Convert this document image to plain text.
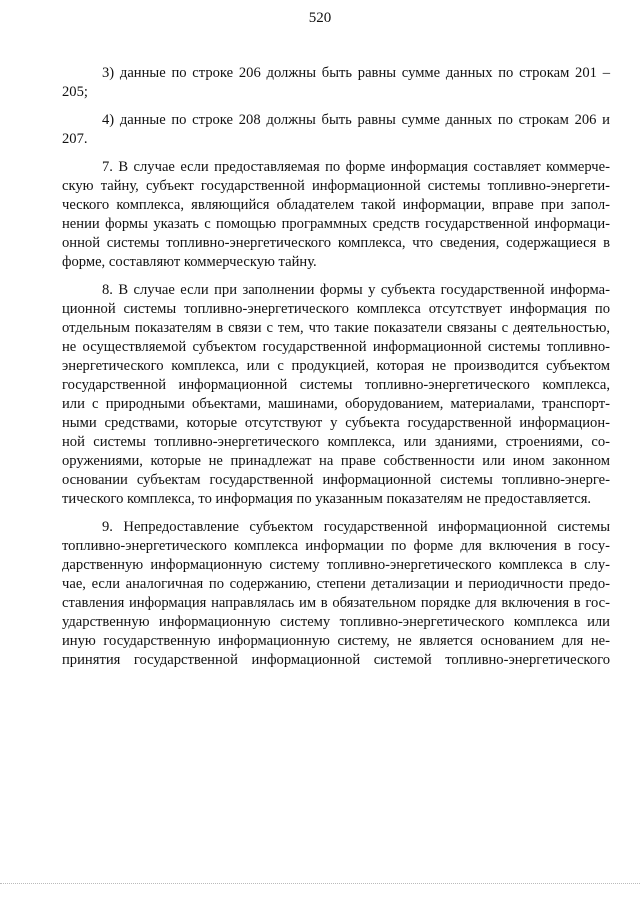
520
3) данные по строке 206 должны быть равны сумме данных по строкам 201 –
205;
4) данные по строке 208 должны быть равны сумме данных по строкам 206 и
207.
7. В случае если предоставляемая по форме информация составляет коммерче-
скую тайну, субъект государственной информационной системы топливно-энергети-
ческого комплекса, являющийся обладателем такой информации, вправе при запол-
нении формы указать с помощью программных средств государственной информаци-
онной системы топливно-энергетического комплекса, что сведения, содержащиеся в
форме, составляют коммерческую тайну.
8. В случае если при заполнении формы у субъекта государственной информа-
ционной системы топливно-энергетического комплекса отсутствует информация по
отдельным показателям в связи с тем, что такие показатели связаны с деятельностью,
не осуществляемой субъектом государственной информационной системы топливно-
энергетического комплекса, или с продукцией, которая не производится субъектом
государственной информационной системы топливно-энергетического комплекса,
или с природными объектами, машинами, оборудованием, материалами, транспорт-
ными средствами, которые отсутствуют у субъекта государственной информацион-
ной системы топливно-энергетического комплекса, или зданиями, строениями, со-
оружениями, которые не принадлежат на праве собственности или ином законном
основании субъектам государственной информационной системы топливно-энерге-
тического комплекса, то информация по указанным показателям не предоставляется.
9. Непредоставление субъектом государственной информационной системы
топливно-энергетического комплекса информации по форме для включения в госу-
дарственную информационную систему топливно-энергетического комплекса в слу-
чае, если аналогичная по содержанию, степени детализации и периодичности предо-
ставления информация направлялась им в обязательном порядке для включения в гос-
ударственную информационную систему топливно-энергетического комплекса или
иную государственную информационную систему, не является основанием для не-
принятия государственной информационной системой топливно-энергетического
